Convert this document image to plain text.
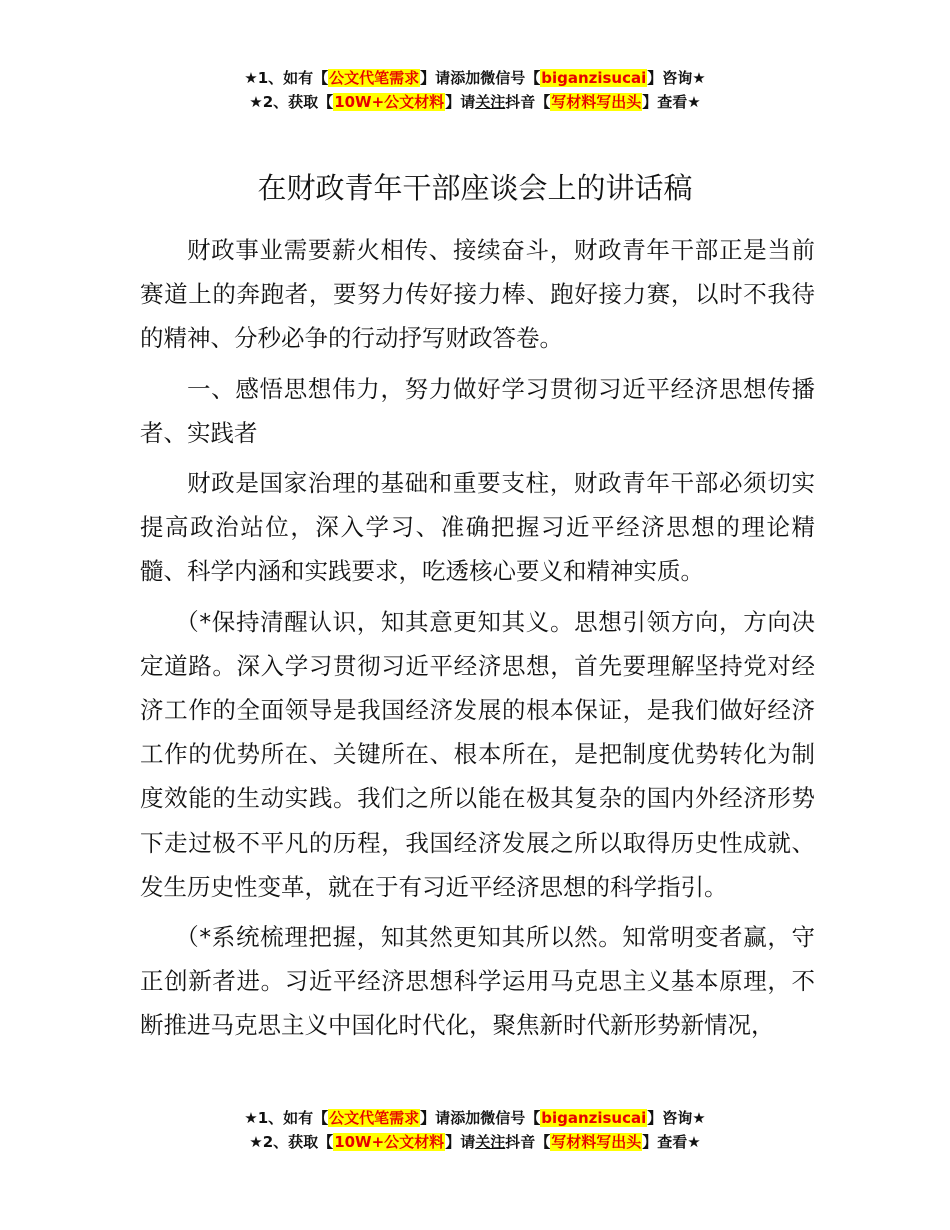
★1、如有【公文代笔需求】请添加微信号【biganzisucai】咨询★
★2、获取【10W+公文材料】请关注抖音【写材料写出头】查看★
在财政青年干部座谈会上的讲话稿

财政事业需要薪火相传、接续奋斗，财政青年干部正是当前赛道上的奔跑者，要努力传好接力棒、跑好接力赛，以时不我待的精神、分秒必争的行动抒写财政答卷。

一、感悟思想伟力，努力做好学习贯彻习近平经济思想传播者、实践者

财政是国家治理的基础和重要支柱，财政青年干部必须切实提高政治站位，深入学习、准确把握习近平经济思想的理论精髓、科学内涵和实践要求，吃透核心要义和精神实质。

（*保持清醒认识，知其意更知其义。思想引领方向，方向决定道路。深入学习贯彻习近平经济思想，首先要理解坚持党对经济工作的全面领导是我国经济发展的根本保证，是我们做好经济工作的优势所在、关键所在、根本所在，是把制度优势转化为制度效能的生动实践。我们之所以能在极其复杂的国内外经济形势下走过极不平凡的历程，我国经济发展之所以取得历史性成就、发生历史性变革，就在于有习近平经济思想的科学指引。

（*系统梳理把握，知其然更知其所以然。知常明变者赢，守正创新者进。习近平经济思想科学运用马克思主义基本原理，不断推进马克思主义中国化时代化，聚焦新时代新形势新情况，

★1、如有【公文代笔需求】请添加微信号【biganzisucai】咨询★
★2、获取【10W+公文材料】请关注抖音【写材料写出头】查看★
